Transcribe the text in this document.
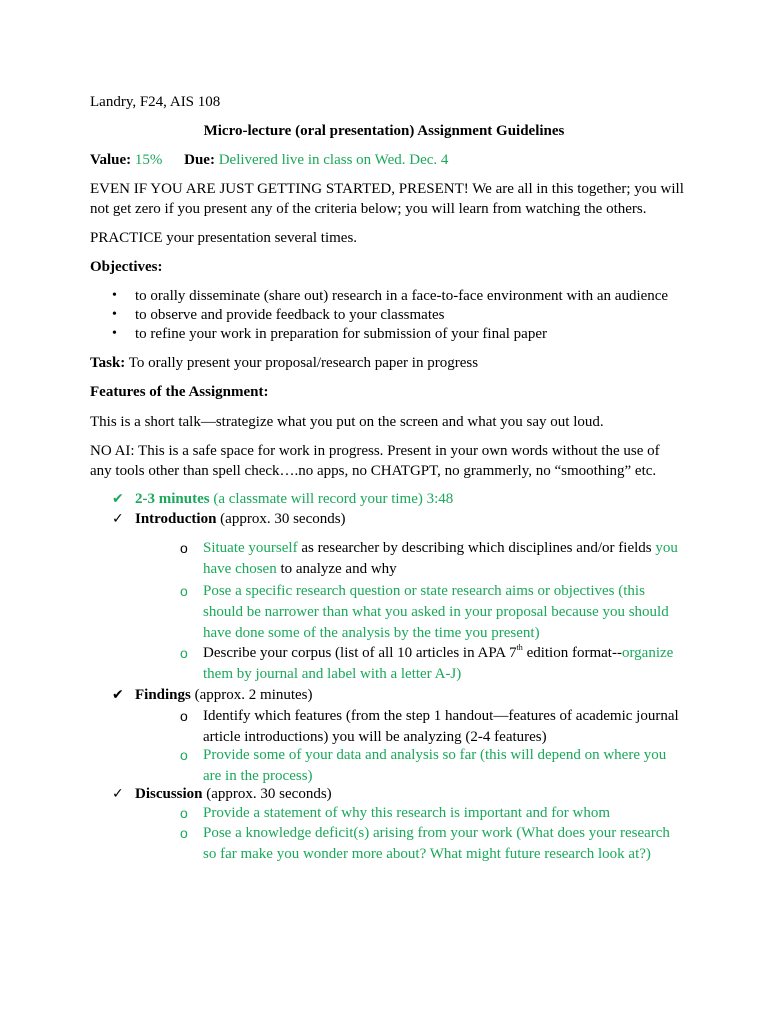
Landry, F24, AIS 108
Micro-lecture (oral presentation) Assignment Guidelines
Value: 15% Due: Delivered live in class on Wed. Dec. 4
EVEN IF YOU ARE JUST GETTING STARTED, PRESENT! We are all in this together; you will not get zero if you present any of the criteria below; you will learn from watching the others.
PRACTICE your presentation several times.
Objectives:
• to orally disseminate (share out) research in a face-to-face environment with an audience
• to observe and provide feedback to your classmates
• to refine your work in preparation for submission of your final paper
Task: To orally present your proposal/research paper in progress
Features of the Assignment:
This is a short talk—strategize what you put on the screen and what you say out loud.
NO AI: This is a safe space for work in progress. Present in your own words without the use of any tools other than spell check….no apps, no CHATGPT, no grammerly, no “smoothing” etc.
✔ 2-3 minutes (a classmate will record your time) 3:48
✓ Introduction (approx. 30 seconds)
o Situate yourself as researcher by describing which disciplines and/or fields you have chosen to analyze and why
o Pose a specific research question or state research aims or objectives (this should be narrower than what you asked in your proposal because you should have done some of the analysis by the time you present)
o Describe your corpus (list of all 10 articles in APA 7th edition format--organize them by journal and label with a letter A-J)
✔ Findings (approx. 2 minutes)
o Identify which features (from the step 1 handout—features of academic journal article introductions) you will be analyzing (2-4 features)
o Provide some of your data and analysis so far (this will depend on where you are in the process)
✓ Discussion (approx. 30 seconds)
o Provide a statement of why this research is important and for whom
o Pose a knowledge deficit(s) arising from your work (What does your research so far make you wonder more about? What might future research look at?)
